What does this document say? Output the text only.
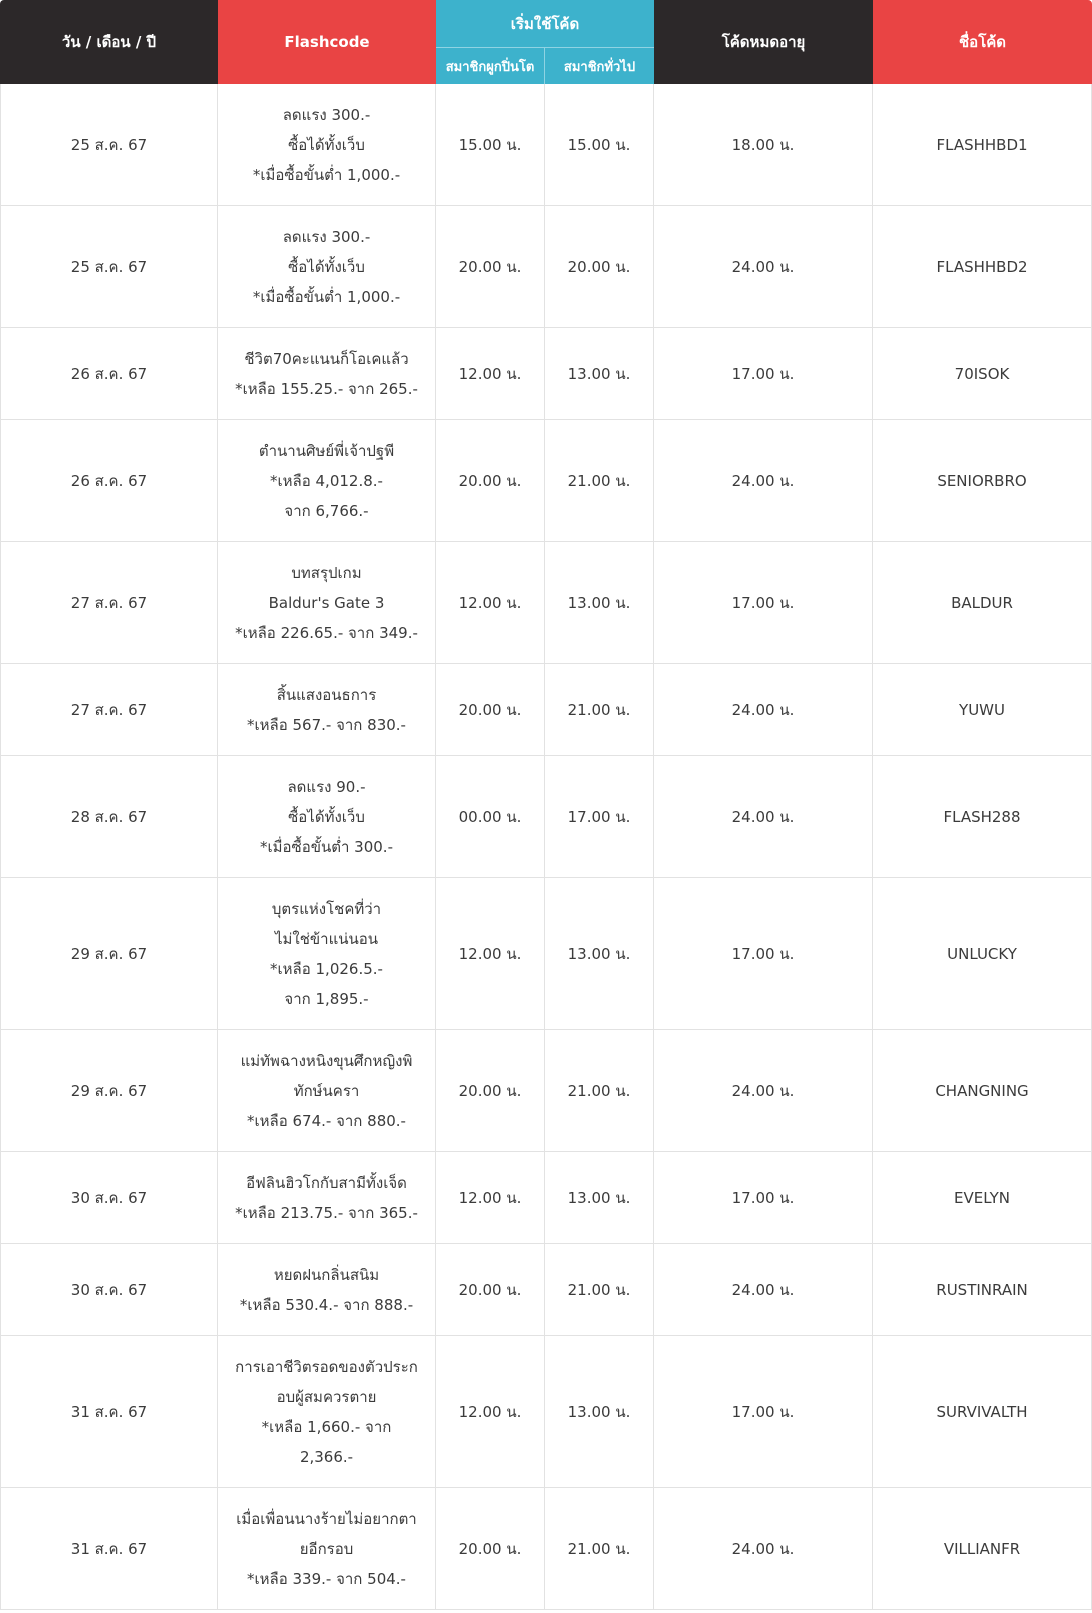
วัน / เดือน / ปี	Flashcode	เริ่มใช้โค้ด		โค้ดหมดอายุ	ชื่อโค้ด
		สมาชิกผูกปิ่นโต	สมาชิกทั่วไป		
25 ส.ค. 67	ลดแรง 300.-
ซื้อได้ทั้งเว็บ
*เมื่อซื้อขั้นต่ำ 1,000.-	15.00 น.	15.00 น.	18.00 น.	FLASHHBD1
25 ส.ค. 67	ลดแรง 300.-
ซื้อได้ทั้งเว็บ
*เมื่อซื้อขั้นต่ำ 1,000.-	20.00 น.	20.00 น.	24.00 น.	FLASHHBD2
26 ส.ค. 67	ชีวิต70คะแนนก็โอเคแล้ว
*เหลือ 155.25.- จาก 265.-	12.00 น.	13.00 น.	17.00 น.	70ISOK
26 ส.ค. 67	ตำนานศิษย์พี่เจ้าปฐพี
*เหลือ 4,012.8.-
จาก 6,766.-	20.00 น.	21.00 น.	24.00 น.	SENIORBRO
27 ส.ค. 67	บทสรุปเกม
Baldur's Gate 3
*เหลือ 226.65.- จาก 349.-	12.00 น.	13.00 น.	17.00 น.	BALDUR
27 ส.ค. 67	สิ้นแสงอนธการ
*เหลือ 567.- จาก 830.-	20.00 น.	21.00 น.	24.00 น.	YUWU
28 ส.ค. 67	ลดแรง 90.-
ซื้อได้ทั้งเว็บ
*เมื่อซื้อขั้นต่ำ 300.-	00.00 น.	17.00 น.	24.00 น.	FLASH288
29 ส.ค. 67	บุตรแห่งโชคที่ว่า
ไม่ใช่ข้าแน่นอน
*เหลือ 1,026.5.-
จาก 1,895.-	12.00 น.	13.00 น.	17.00 น.	UNLUCKY
29 ส.ค. 67	แม่ทัพฉางหนิงขุนศึกหญิงพิ
ทักษ์นครา
*เหลือ 674.- จาก 880.-	20.00 น.	21.00 น.	24.00 น.	CHANGNING
30 ส.ค. 67	อีฟลินฮิวโกกับสามีทั้งเจ็ด
*เหลือ 213.75.- จาก 365.-	12.00 น.	13.00 น.	17.00 น.	EVELYN
30 ส.ค. 67	หยดฝนกลิ่นสนิม
*เหลือ 530.4.- จาก 888.-	20.00 น.	21.00 น.	24.00 น.	RUSTINRAIN
31 ส.ค. 67	การเอาชีวิตรอดของตัวประก
อบผู้สมควรตาย
*เหลือ 1,660.- จาก
2,366.-	12.00 น.	13.00 น.	17.00 น.	SURVIVALTH
31 ส.ค. 67	เมื่อเพื่อนนางร้ายไม่อยากตา
ยอีกรอบ
*เหลือ 339.- จาก 504.-	20.00 น.	21.00 น.	24.00 น.	VILLIANFR
